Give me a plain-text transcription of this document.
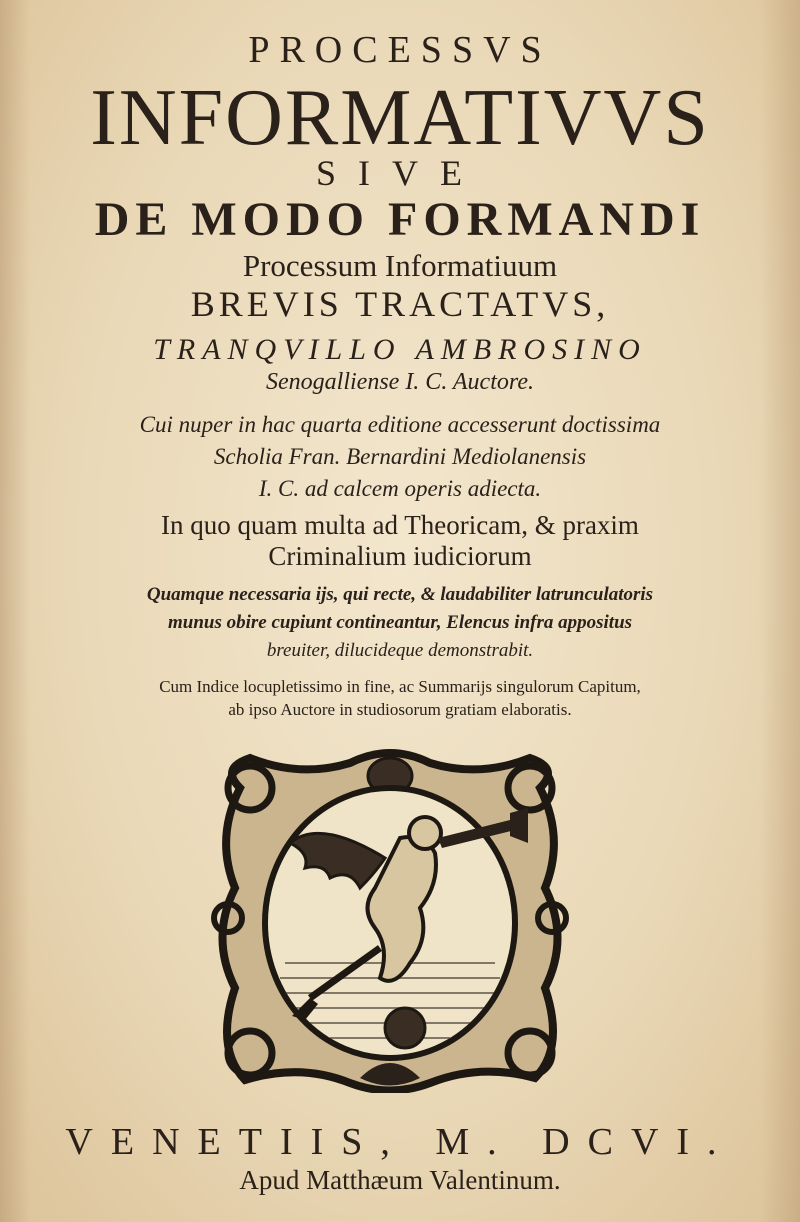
PROCESSVS
INFORMATIVVS
SIVE
DE MODO FORMANDI
Processum Informatiuum
BREVIS TRACTATVS,
TRANQVILLO AMBROSINO
Senogalliense I. C. Auctore.
Cui nuper in hac quarta editione accesserunt doctissima
Scholia Fran. Bernardini Mediolanensis
I. C. ad calcem operis adiecta.
In quo quam multa ad Theoricam, & praxim
Criminalium iudiciorum
Quamque necessaria ijs, qui recte, & laudabiliter latrunculatoris
munus obire cupiunt contineantur, Elencus infra appositus
breuiter, dilucideque demonstrabit.
Cum Indice locupletissimo in fine, ac Summarijs singulorum Capitum,
ab ipso Auctore in studiosorum gratiam elaboratis.
VENETIIS, M. DCVI.
Apud Matthæum Valentinum.
